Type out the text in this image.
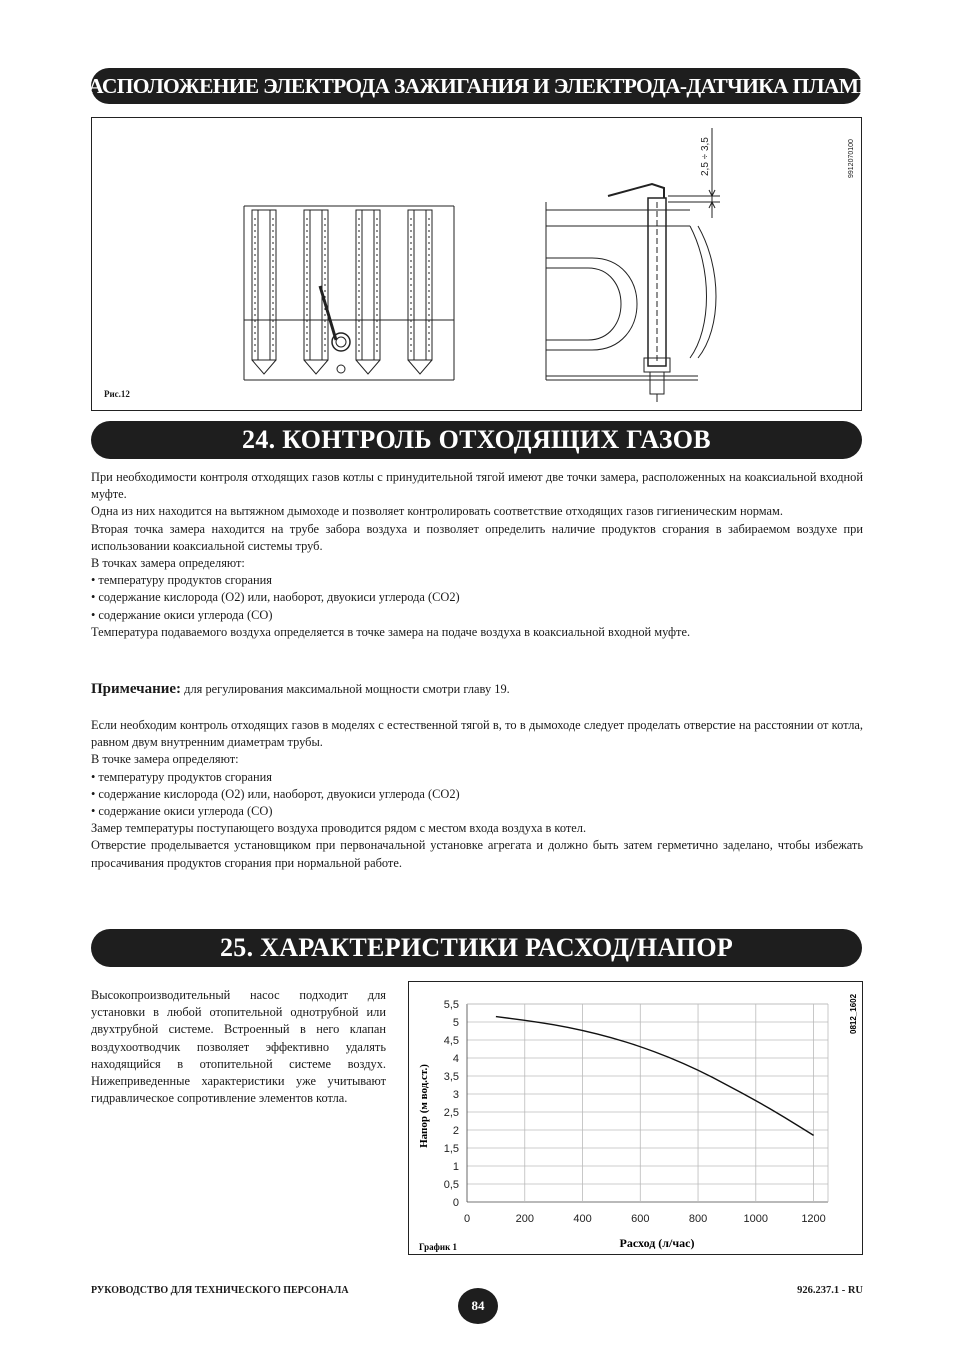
23. РАСПОЛОЖЕНИЕ ЭЛЕКТРОДА ЗАЖИГАНИЯ И ЭЛЕКТРОДА-ДАТЧИКА ПЛАМЕНИ
2,5 ÷ 3,5	9912070100
Рис.12
24. КОНТРОЛЬ ОТХОДЯЩИХ ГАЗОВ

При необходимости контроля отходящих газов котлы с принудительной тягой имеют две точки замера, расположенных на коаксиальной входной муфте.

Одна из них находится на вытяжном дымоходе и позволяет контролировать соответствие отходящих газов гигиеническим нормам.

Вторая точка замера находится на трубе забора воздуха и позволяет определить наличие продуктов сгорания в забираемом воздухе при использовании коаксиальной системы труб.

В точках замера определяют:

• температуру продуктов сгорания

• содержание кислорода (O2) или, наоборот, двуокиси углерода (CO2)

• содержание окиси углерода (CO)

Температура подаваемого воздуха определяется в точке замера на подаче воздуха в коаксиальной входной муфте.

Примечание: для регулирования максимальной мощности смотри главу 19.

Если необходим контроль отходящих газов в моделях с естественной тягой в, то в дымоходе следует проделать отверстие на расстоянии от котла, равном двум внутренним диаметрам трубы.

В точке замера определяют:

• температуру продуктов сгорания

• содержание кислорода (O2) или, наоборот, двуокиси углерода (CO2)

• содержание окиси углерода (CO)

Замер температуры поступающего воздуха проводится рядом с местом входа воздуха в котел.

Отверстие проделывается установщиком при первоначальной установке агрегата и должно быть затем герметично заделано, чтобы избежать просачивания продуктов сгорания при нормальной работе.

25. ХАРАКТЕРИСТИКИ РАСХОД/НАПОР
Высокопроизводительный насос подходит для установки в любой отопительной однотрубной или двухтрубной системе. Встроенный в него клапан воздухоотводчик позволяет эффективно удалять находящийся в отопительной системе воздух. Нижеприведенные характеристики уже учитывают гидравлическое сопротивление элементов котла.
0
0,5
1
1,5
2
2,5
3
3,5
4
4,5
5
5,5
0	200	400	600	800	1000	1200
Расход (л/час)
Напор (м вод.ст.)
График 1
0812_1602
РУКОВОДСТВО ДЛЯ ТЕХНИЧЕСКОГО ПЕРСОНАЛА
84
926.237.1 - RU
